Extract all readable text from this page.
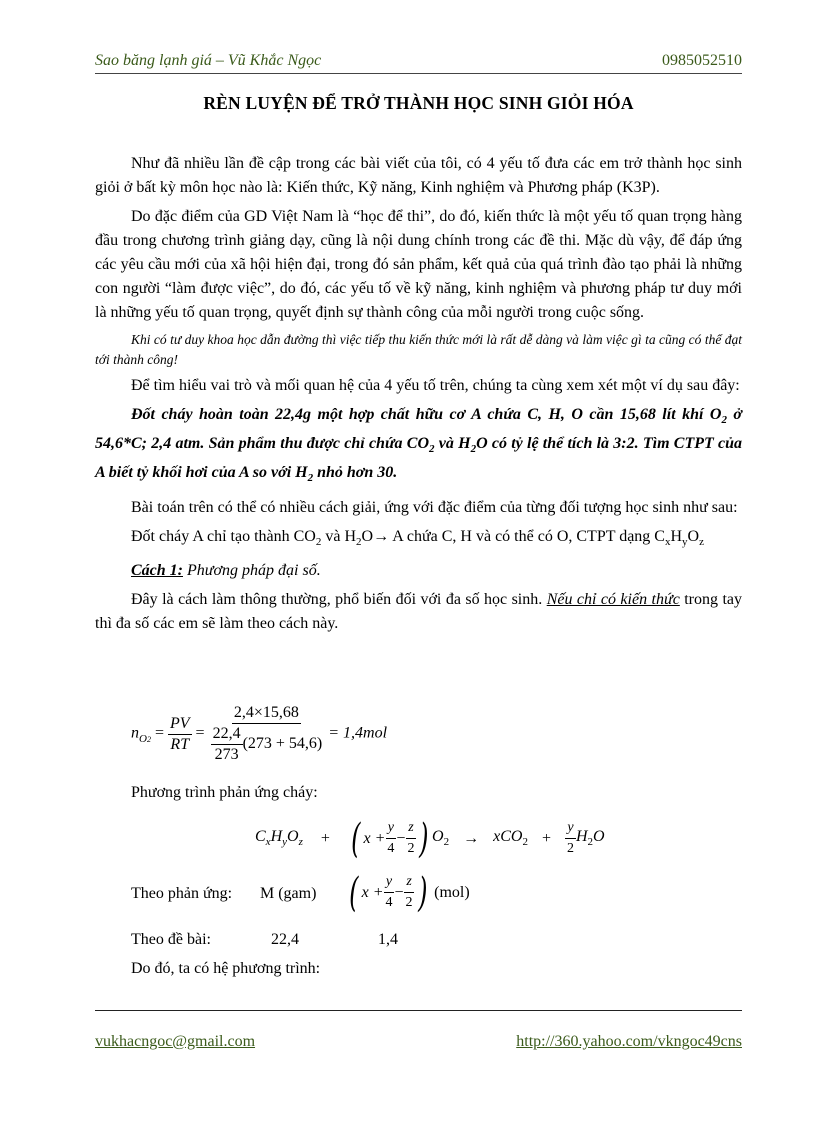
Sao băng lạnh giá – Vũ Khắc Ngọc	0985052510
RÈN LUYỆN ĐỂ TRỞ THÀNH HỌC SINH GIỎI HÓA

Như đã nhiều lần đề cập trong các bài viết của tôi, có 4 yếu tố đưa các em trở thành học sinh giỏi ở bất kỳ môn học nào là: Kiến thức, Kỹ năng, Kinh nghiệm và Phương pháp (K3P).

Do đặc điểm của GD Việt Nam là “học để thi”, do đó, kiến thức là một yếu tố quan trọng hàng đầu trong chương trình giảng dạy, cũng là nội dung chính trong các đề thi. Mặc dù vậy, để đáp ứng các yêu cầu mới của xã hội hiện đại, trong đó sản phẩm, kết quả của quá trình đào tạo phải là những con người “làm được việc”, do đó, các yếu tố về kỹ năng, kinh nghiệm và phương pháp tư duy mới là những yếu tố quan trọng, quyết định sự thành công của mỗi người trong cuộc sống.

Khi có tư duy khoa học dẫn đường thì việc tiếp thu kiến thức mới là rất dễ dàng và làm việc gì ta cũng có thể đạt tới thành công!

Để tìm hiểu vai trò và mối quan hệ của 4 yếu tố trên, chúng ta cùng xem xét một ví dụ sau đây:

Đốt cháy hoàn toàn 22,4g một hợp chất hữu cơ A chứa C, H, O cần 15,68 lít khí $O_2$ ở 54,6*C; 2,4 atm. Sản phẩm thu được chỉ chứa $CO_2$ và $H_2O$ có tỷ lệ thể tích là 3:2. Tìm CTPT của A biết tỷ khối hơi của A so với $H_2$ nhỏ hơn 30.

Bài toán trên có thể có nhiều cách giải, ứng với đặc điểm của từng đối tượng học sinh như sau:

Đốt cháy A chỉ tạo thành $CO_2$ và $H_2O\to A$ chứa C, H và có thể có O, CTPT dạng $C_xH_yO_z$

Cách 1: Phương pháp đại số.

Đây là cách làm thông thường, phổ biến đối với đa số học sinh. Nếu chỉ có kiến thức trong tay thì đa số các em sẽ làm theo cách này.

$n_{O2} = \frac{PV}{RT} = \frac{2,4\times 15,68}{\frac{22,4}{273} (273 + 54,6)} = 1,4mol$
Phương trình phản ứng cháy:
$C_xH_yO_z$ + ( $x + \frac{y}{4} - \frac{z}{2}$ ) $O_2 \to xCO_2 + \frac{y}{2} H_2O$
Theo phản ứng: M (gam) ( $x + \frac{y}{4} - \frac{z}{2}$ ) (mol)
Theo đề bài:	22,4	1,4
Do đó, ta có hệ phương trình:
vukhacngoc@gmail.com	http://360.yahoo.com/vkngoc49cns
